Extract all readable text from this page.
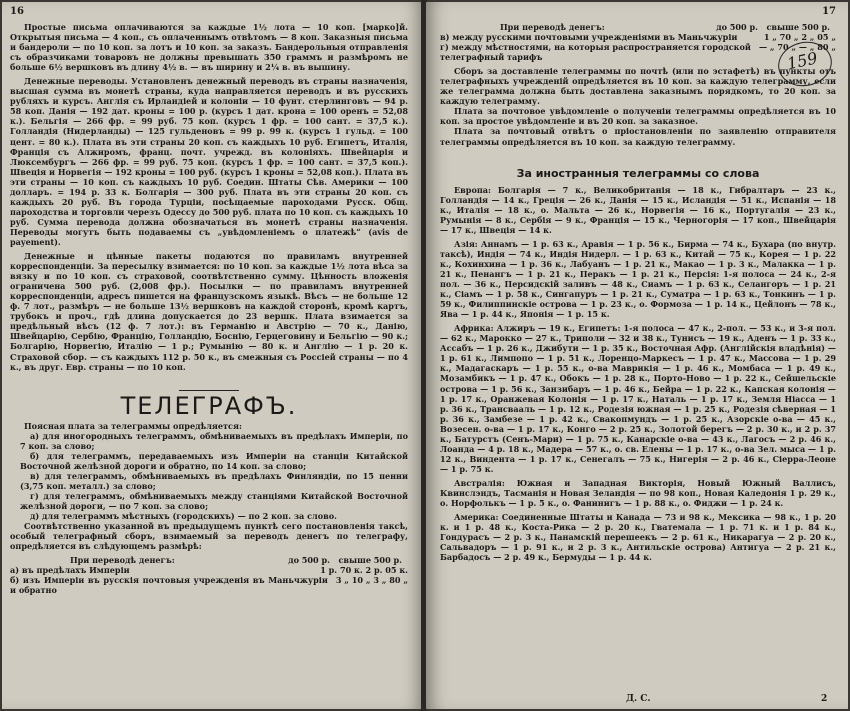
16

Простые письма оплачиваются за каждые 1½ лота — 10 коп. [марко]й. Открытыя письма — 4 коп., съ оплаченнымъ отвѣтомъ — 8 коп. Заказныя письма и бандероли — по 10 коп. за лотъ и 10 коп. за заказъ. Бандерольныя отправленія съ образчиками товаровъ не должны превышать 350 граммъ и размѣромъ не больше 6½ вершковъ въ длину 4½ в. — въ ширину и 2¼ в. въ вышину.

Денежные переводы. Установленъ денежный переводъ въ страны назначенія, высшая сумма въ монетѣ страны, куда направляется переводъ и въ русскихъ рубляхъ и курсъ. Англія съ Ирландіей и колоніи — 10 фунт. стерлинговъ — 94 р. 58 коп. Данія — 192 дат. кроны = 100 р. (курсъ 1 дат. крона = 100 оренъ = 52,08 к.). Бельгія — 266 фр. = 99 руб. 75 коп. (курсъ 1 фр. = 100 сант. = 37,5 к.). Голландія (Нидерланды) — 125 гульденовъ = 99 р. 99 к. (курсъ 1 гульд. = 100 цент. = 80 к.). Плата въ эти страны 20 коп. съ каждыхъ 10 руб. Египетъ, Италія, Франція съ Алжиромъ, франц. почт. учрежд. въ колоніяхъ. Швейцарія и Люксембургъ — 266 фр. = 99 руб. 75 коп. (курсъ 1 фр. = 100 сант. = 37,5 коп.). Швеція и Норвегія — 192 кроны = 100 руб. (курсъ 1 кроны = 52,08 коп.). Плата въ эти страны — 10 коп. съ каждыхъ 10 руб. Соедин. Штаты Сѣв. Америки — 100 долларъ. = 194 р. 33 к. Болгарія — 300 руб. Плата въ эти страны 20 коп. съ каждыхъ 20 руб. Въ города Турціи, посѣщаемые пароходами Русск. Общ. пароходства и торговли черезъ Одессу до 500 руб. плата по 10 коп. съ каждыхъ 10 руб. Сумма перевода должна обозначаться въ монетѣ страны назначенія. Переводы могутъ быть подаваемы съ „увѣдомленіемъ о платежѣ“ (avis de payement).

Денежные и цѣнные пакеты подаются по правиламъ внутренней корреспонденціи. За пересылку взимается: по 10 коп. за каждые 1½ лота вѣса за вязку и по 10 коп. съ страховой, соотвѣтственно сумму. Цѣнность вложенія ограничена 500 руб. (2,008 фр.). Посылки — по правиламъ внутренней корреспонденціи, адресъ пишется на французскомъ языкѣ. Вѣсъ — не больше 12 ф. 7 лот., размѣръ — не больше 13½ вершковъ на каждой сторонѣ, кромѣ картъ, трубокъ и проч., гдѣ длина допускается до 23 вершк. Плата взимается за предѣльный вѣсъ (12 ф. 7 лот.): въ Германію и Австрію — 70 к., Данію, Швейцарію, Сербію, Францію, Голландію, Боснію, Герцеговину и Бельгію — 90 к.; Болгарію, Норвегію, Италію — 1 р.; Румынію — 80 к. и Англію — 1 р. 20 к. Страховой сбор. — съ каждыхъ 112 р. 50 к., въ смежныя съ Россіей страны — по 4 к., въ друг. Евр. страны — по 10 коп.

ТЕЛЕГРАФЪ.

Поясная плата за телеграммы опредѣляется:

а) для иногородныхъ телеграммъ, обмѣниваемыхъ въ предѣлахъ Имперіи, по 7 коп. за слово;

б) для телеграммъ, передаваемыхъ изъ Имперіи на станціи Китайской Восточной желѣзной дороги и обратно, по 14 коп. за слово;

в) для телеграммъ, обмѣниваемыхъ въ предѣлахъ Финляндіи, по 15 пенни (3,75 коп. металл.) за слово;

г) для телеграммъ, обмѣниваемыхъ между станціями Китайской Восточной желѣзной дороги, — по 7 коп. за слово;

д) для телеграммъ мѣстныхъ (городскихъ) — по 2 коп. за слово.

Соотвѣтственно указанной въ предыдущемъ пунктѣ сего постановленія таксѣ, особый телеграфный сборъ, взимаемый за переводъ денегъ по телеграфу, опредѣляется въ слѣдующемъ размѣрѣ:

При переводѣ денегъ:	до 500 р. свыше 500 р.
а) въ предѣлахъ Имперіи	1 р. 70 к. 2 р. 05 к.
б) изъ Имперіи въ русскія почтовыя учрежденія въ Маньчжуріи и обратно
3 „ 10 „ 3 „ 80 „
17
159
При переводѣ денегъ:	до 500 р. свыше 500 р.
в) между русскими почтовыми учрежденіями въ Маньчжуріи	1 „ 70 „ 2 „ 05 „
г) между мѣстностями, на которыя распространяется городской телеграфный тарифъ
— „ 70 „ — „ 80 „

Сборъ за доставленіе телеграммы по почтѣ (или по эстафетѣ) въ пункты отъ телеграфныхъ учрежденій опредѣляется въ 10 коп. за каждую телеграмму, если же телеграмма должна быть доставлена заказнымъ порядкомъ, то 20 коп. за каждую телеграмму.

Плата за почтовое увѣдомленіе о полученіи телеграммы опредѣляется въ 10 коп. за простое увѣдомленіе и въ 20 коп. за заказное.

Плата за почтовый отвѣтъ о пріостановленіи по заявленію отправителя телеграммы опредѣляется въ 10 коп. за каждую телеграмму.

За иностранныя телеграммы со слова

Европа: Болгарія — 7 к., Великобританія — 18 к., Гибралтаръ — 23 к., Голландія — 14 к., Греція — 26 к., Данія — 15 к., Исландія — 51 к., Испанія — 18 к., Италія — 18 к., о. Мальта — 26 к., Норвегія — 16 к., Португалія — 23 к., Румынія — 8 к., Сербія — 9 к., Франція — 15 к., Черногорія — 17 коп., Швейцарія — 17 к., Швеція — 14 к.

Азія: Аннамъ — 1 р. 63 к., Аравія — 1 р. 56 к., Бирма — 74 к., Бухара (по внутр. таксѣ), Индія — 74 к., Индія Нидерл. — 1 р. 63 к., Китай — 75 к., Корея — 1 р. 22 к., Кохинхина — 1 р. 36 к., Лабуанъ — 1 р. 21 к., Макао — 1 р. 3 к., Малакка — 1 р. 21 к., Пенангъ — 1 р. 21 к., Перакъ — 1 р. 21 к., Персія: 1-я полоса — 24 к., 2-я пол. — 36 к., Персидскій заливъ — 48 к., Сиамъ — 1 р. 63 к., Селангоръ — 1 р. 21 к., Сіамъ — 1 р. 58 к., Сингапуръ — 1 р. 21 к., Суматра — 1 р. 63 к., Тонкинъ — 1 р. 59 к., Филиппинскіе острова — 1 р. 23 к., о. Формоза — 1 р. 14 к., Цейлонъ — 78 к., Ява — 1 р. 44 к., Японія — 1 р. 15 к.

Африка: Алжиръ — 19 к., Египетъ: 1-я полоса — 47 к., 2-пол. — 53 к., и 3-я пол. — 62 к., Марокко — 27 к., Триполи — 32 и 38 к., Тунисъ — 19 к., Аденъ — 1 р. 33 к., Ассабъ — 1 р. 26 к., Джибути — 1 р. 35 к., Восточная Афр. (Англійскія владѣнія) — 1 р. 61 к., Лимпопо — 1 р. 51 к., Лоренцо-Маркесъ — 1 р. 47 к., Массова — 1 р. 29 к., Мадагаскаръ — 1 р. 55 к., о-ва Маврикія — 1 р. 46 к., Момбаса — 1 р. 49 к., Мозамбикъ — 1 р. 47 к., Обокъ — 1 р. 28 к., Порто-Ново — 1 р. 22 к., Сейшельскіе острова — 1 р. 56 к., Занзибаръ — 1 р. 46 к., Бейра — 1 р. 22 к., Капская колонія — 1 р. 17 к., Оранжевая Колонія — 1 р. 17 к., Наталь — 1 р. 17 к., Земля Ніасса — 1 р. 36 к., Трансвааль — 1 р. 12 к., Родезія южная — 1 р. 25 к., Родезія сѣверная — 1 р. 36 к., Замбезе — 1 р. 42 к., Свакопмундъ — 1 р. 25 к., Азорскіе о-ва — 45 к., Возесен. о-ва — 1 р. 17 к., Конго — 2 р. 25 к., Золотой берегъ — 2 р. 30 к., и 2 р. 37 к., Батурстъ (Сенъ-Мари) — 1 р. 75 к., Канарскіе о-ва — 43 к., Лагосъ — 2 р. 46 к., Лоанда — 4 р. 18 к., Мадера — 57 к., о. св. Елены — 1 р. 17 к., о-ва Зел. мыса — 1 р. 12 к., Виндента — 1 р. 17 к., Сенегалъ — 75 к., Нигерія — 2 р. 46 к., Сіерра-Леоне — 1 р. 75 к.

Австралія: Южная и Западная Викторія, Новый Южный Валлисъ, Квинслэндъ, Тасманія и Новая Зеландія — по 98 коп., Новая Каледонія 1 р. 29 к., о. Норфолькъ — 1 р. 5 к., о. Фанинигъ — 1 р. 88 к., о. Фиджи — 1 р. 24 к.

Америка: Соединенные Штаты и Канада — 73 и 98 к., Мексика — 98 к., 1 р. 20 к. и 1 р. 48 к., Коста-Рика — 2 р. 20 к., Гватемала — 1 р. 71 к. и 1 р. 84 к., Гондурасъ — 2 р. 3 к., Панамскій перешеекъ — 2 р. 61 к., Никарагуа — 2 р. 20 к., Сальвадоръ — 1 р. 91 к., и 2 р. 3 к., Антильскіе острова) Антигуа — 2 р. 21 к., Барбадосъ — 2 р. 49 к., Бермуды — 1 р. 44 к.

Д. С.	2
